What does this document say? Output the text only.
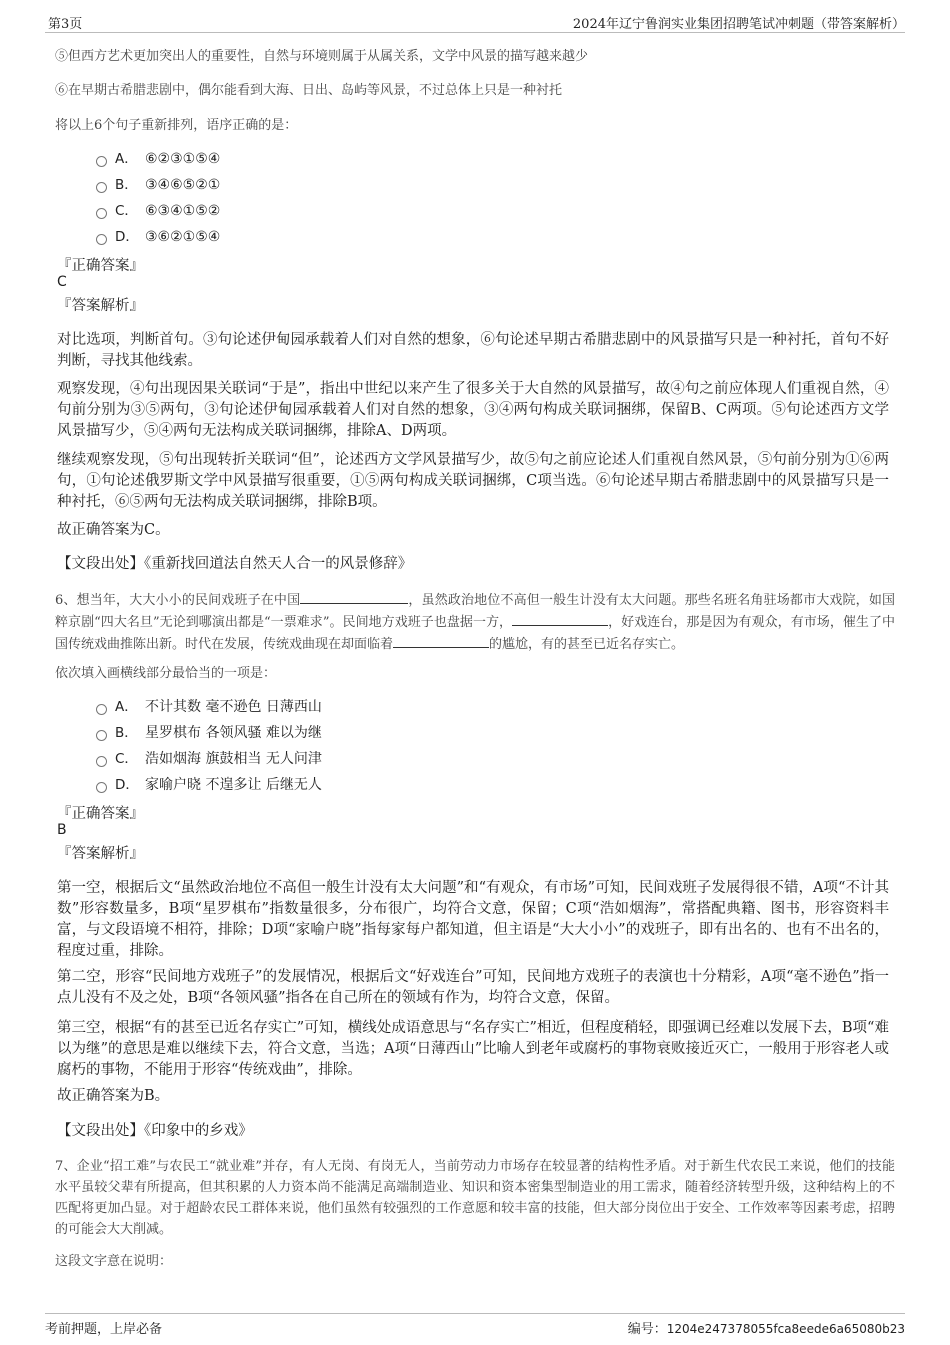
第3页	2024年辽宁鲁润实业集团招聘笔试冲刺题（带答案解析）
⑤但西方艺术更加突出人的重要性，自然与环境则属于从属关系，文学中风景的描写越来越少
⑥在早期古希腊悲剧中，偶尔能看到大海、日出、岛屿等风景，不过总体上只是一种衬托
将以上6个句子重新排列，语序正确的是：
A． ⑥②③①⑤④
B． ③④⑥⑤②①
C． ⑥③④①⑤②
D． ③⑥②①⑤④
『正确答案』
C
『答案解析』
对比选项，判断首句。③句论述伊甸园承载着人们对自然的想象，⑥句论述早期古希腊悲剧中的风景描写只是一种衬托，首句不好判断，寻找其他线索。
观察发现，④句出现因果关联词“于是”，指出中世纪以来产生了很多关于大自然的风景描写，故④句之前应体现人们重视自然，④句前分别为③⑤两句，③句论述伊甸园承载着人们对自然的想象，③④两句构成关联词捆绑，保留B、C两项。⑤句论述西方文学风景描写少，⑤④两句无法构成关联词捆绑，排除A、D两项。
继续观察发现，⑤句出现转折关联词“但”，论述西方文学风景描写少，故⑤句之前应论述人们重视自然风景，⑤句前分别为①⑥两句，①句论述俄罗斯文学中风景描写很重要，①⑤两句构成关联词捆绑，C项当选。⑥句论述早期古希腊悲剧中的风景描写只是一种衬托，⑥⑤两句无法构成关联词捆绑，排除B项。
故正确答案为C。
【文段出处】《重新找回道法自然天人合一的风景修辞》
6、想当年，大大小小的民间戏班子在中国	，虽然政治地位不高但一般生计没有太大问题。那些名班名角驻场都市大戏院，如国粹京剧“四大名旦”无论到哪演出都是“一票难求”。民间地方戏班子也盘据一方，	，好戏连台，那是因为有观众，有市场，催生了中国传统戏曲推陈出新。时代在发展，传统戏曲现在却面临着	的尴尬，有的甚至已近名存实亡。
依次填入画横线部分最恰当的一项是：
A． 不计其数 毫不逊色 日薄西山
B． 星罗棋布 各领风骚 难以为继
C． 浩如烟海 旗鼓相当 无人问津
D． 家喻户晓 不遑多让 后继无人
『正确答案』
B
『答案解析』
第一空，根据后文“虽然政治地位不高但一般生计没有太大问题”和“有观众，有市场”可知，民间戏班子发展得很不错，A项“不计其数”形容数量多，B项“星罗棋布”指数量很多，分布很广，均符合文意，保留；C项“浩如烟海”，常搭配典籍、图书，形容资料丰富，与文段语境不相符，排除；D项“家喻户晓”指每家每户都知道，但主语是“大大小小”的戏班子，即有出名的、也有不出名的，程度过重，排除。
第二空，形容“民间地方戏班子”的发展情况，根据后文“好戏连台”可知，民间地方戏班子的表演也十分精彩，A项“毫不逊色”指一点儿没有不及之处，B项“各领风骚”指各在自己所在的领域有作为，均符合文意，保留。
第三空，根据“有的甚至已近名存实亡”可知，横线处成语意思与“名存实亡”相近，但程度稍轻，即强调已经难以发展下去，B项“难以为继”的意思是难以继续下去，符合文意，当选；A项“日薄西山”比喻人到老年或腐朽的事物衰败接近灭亡，一般用于形容老人或腐朽的事物，不能用于形容“传统戏曲”，排除。
故正确答案为B。
【文段出处】《印象中的乡戏》
7、企业“招工难”与农民工“就业难”并存，有人无岗、有岗无人，当前劳动力市场存在较显著的结构性矛盾。对于新生代农民工来说，他们的技能水平虽较父辈有所提高，但其积累的人力资本尚不能满足高端制造业、知识和资本密集型制造业的用工需求，随着经济转型升级，这种结构上的不匹配将更加凸显。对于超龄农民工群体来说，他们虽然有较强烈的工作意愿和较丰富的技能，但大部分岗位出于安全、工作效率等因素考虑，招聘的可能会大大削减。
这段文字意在说明：
考前押题，上岸必备	编号：1204e247378055fca8eede6a65080b23
